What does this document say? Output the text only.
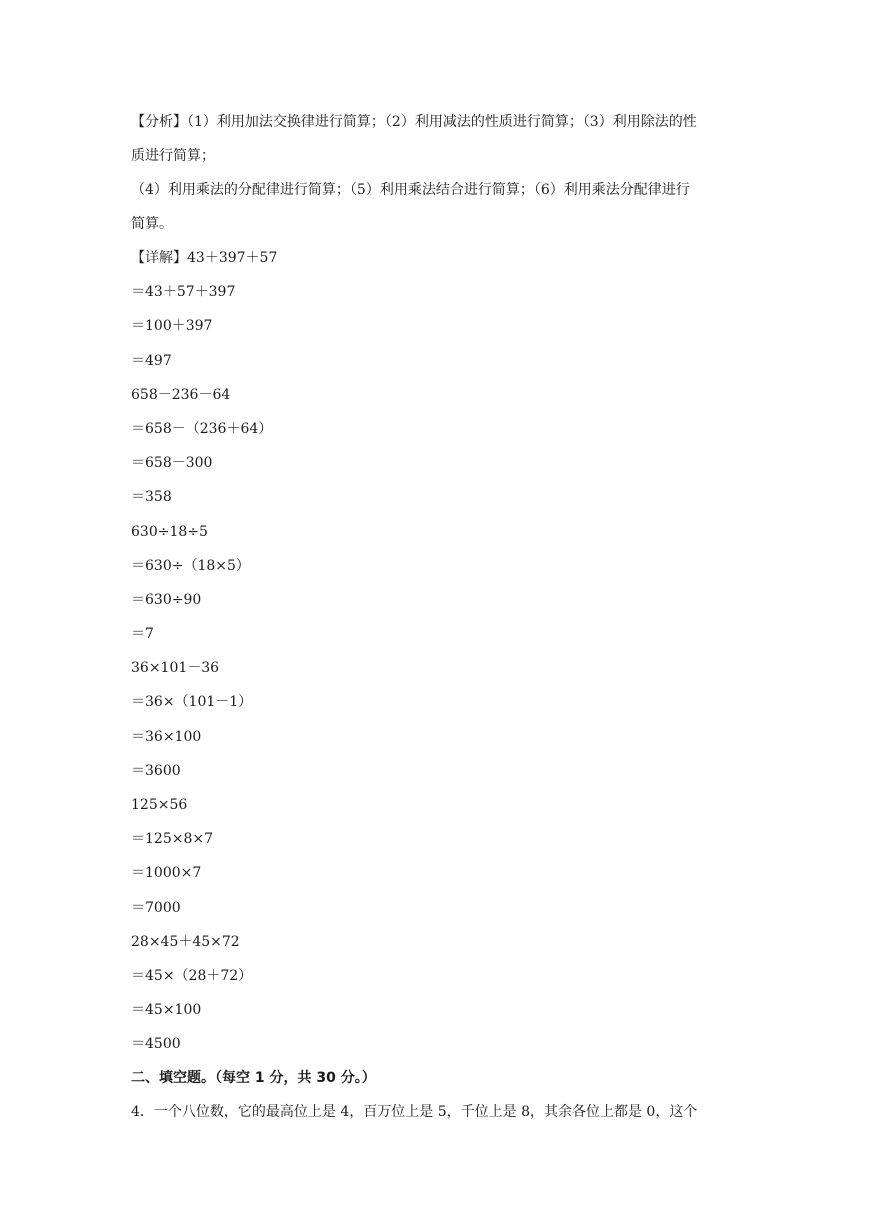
【分析】（1）利用加法交换律进行简算；（2）利用减法的性质进行简算；（3）利用除法的性
质进行简算；
（4）利用乘法的分配律进行简算；（5）利用乘法结合进行简算；（6）利用乘法分配律进行
简算。
【详解】43＋397＋57
＝43＋57＋397
＝100＋397
＝497
658－236－64
＝658－（236＋64）
＝658－300
＝358
630÷18÷5
＝630÷（18×5）
＝630÷90
＝7
36×101－36
＝36×（101－1）
＝36×100
＝3600
125×56
＝125×8×7
＝1000×7
＝7000
28×45＋45×72
＝45×（28＋72）
＝45×100
＝4500
二、填空题。（每空 1 分，共 30 分。）
4．一个八位数，它的最高位上是 4，百万位上是 5，千位上是 8，其余各位上都是 0，这个
